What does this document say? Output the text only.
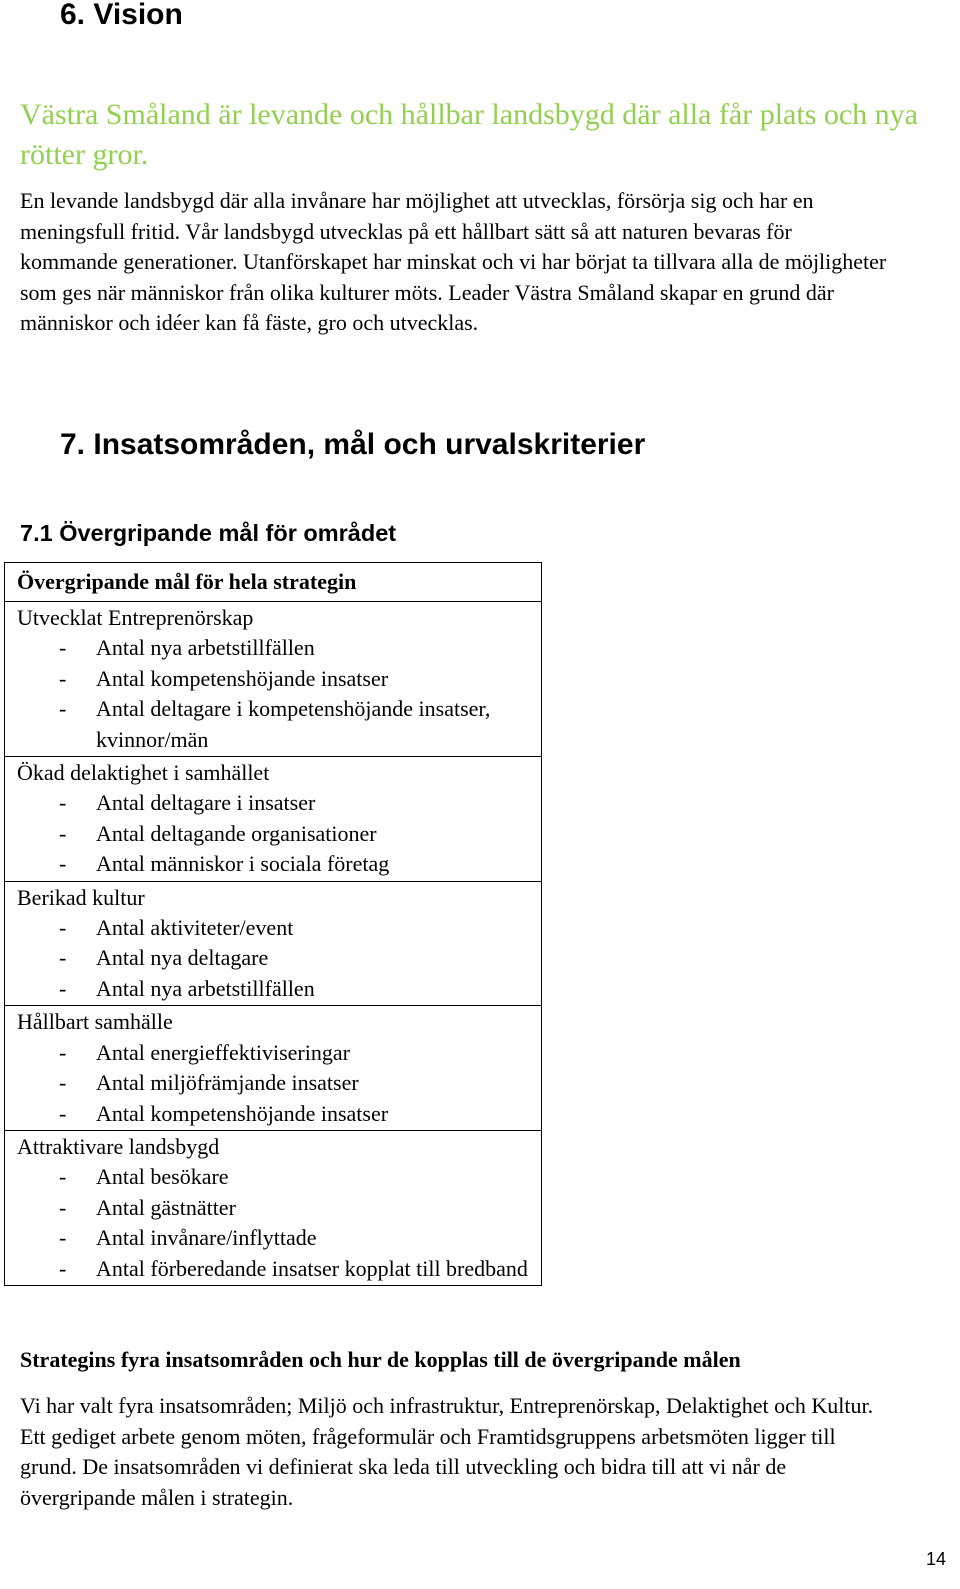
6. Vision

Västra Småland är levande och hållbar landsbygd där alla får plats och nya rötter gror.

En levande landsbygd där alla invånare har möjlighet att utvecklas, försörja sig och har en meningsfull fritid. Vår landsbygd utvecklas på ett hållbart sätt så att naturen bevaras för kommande generationer. Utanförskapet har minskat och vi har börjat ta tillvara alla de möjligheter som ges när människor från olika kulturer möts. Leader Västra Småland skapar en grund där människor och idéer kan få fäste, gro och utvecklas.

7. Insatsområden, mål och urvalskriterier
7.1 Övergripande mål för området
Övergripande mål för hela strategin

Utvecklat Entreprenörskap
- Antal nya arbetstillfällen
- Antal kompetenshöjande insatser
- Antal deltagare i kompetenshöjande insatser, kvinnor/män

Ökad delaktighet i samhället
- Antal deltagare i insatser
- Antal deltagande organisationer
- Antal människor i sociala företag

Berikad kultur
- Antal aktiviteter/event
- Antal nya deltagare
- Antal nya arbetstillfällen

Hållbart samhälle
- Antal energieffektiviseringar
- Antal miljöfrämjande insatser
- Antal kompetenshöjande insatser

Attraktivare landsbygd
- Antal besökare
- Antal gästnätter
- Antal invånare/inflyttade
- Antal förberedande insatser kopplat till bredband
Strategins fyra insatsområden och hur de kopplas till de övergripande målen

Vi har valt fyra insatsområden; Miljö och infrastruktur, Entreprenörskap, Delaktighet och Kultur. Ett gediget arbete genom möten, frågeformulär och Framtidsgruppens arbetsmöten ligger till grund. De insatsområden vi definierat ska leda till utveckling och bidra till att vi når de övergripande målen i strategin.

14
